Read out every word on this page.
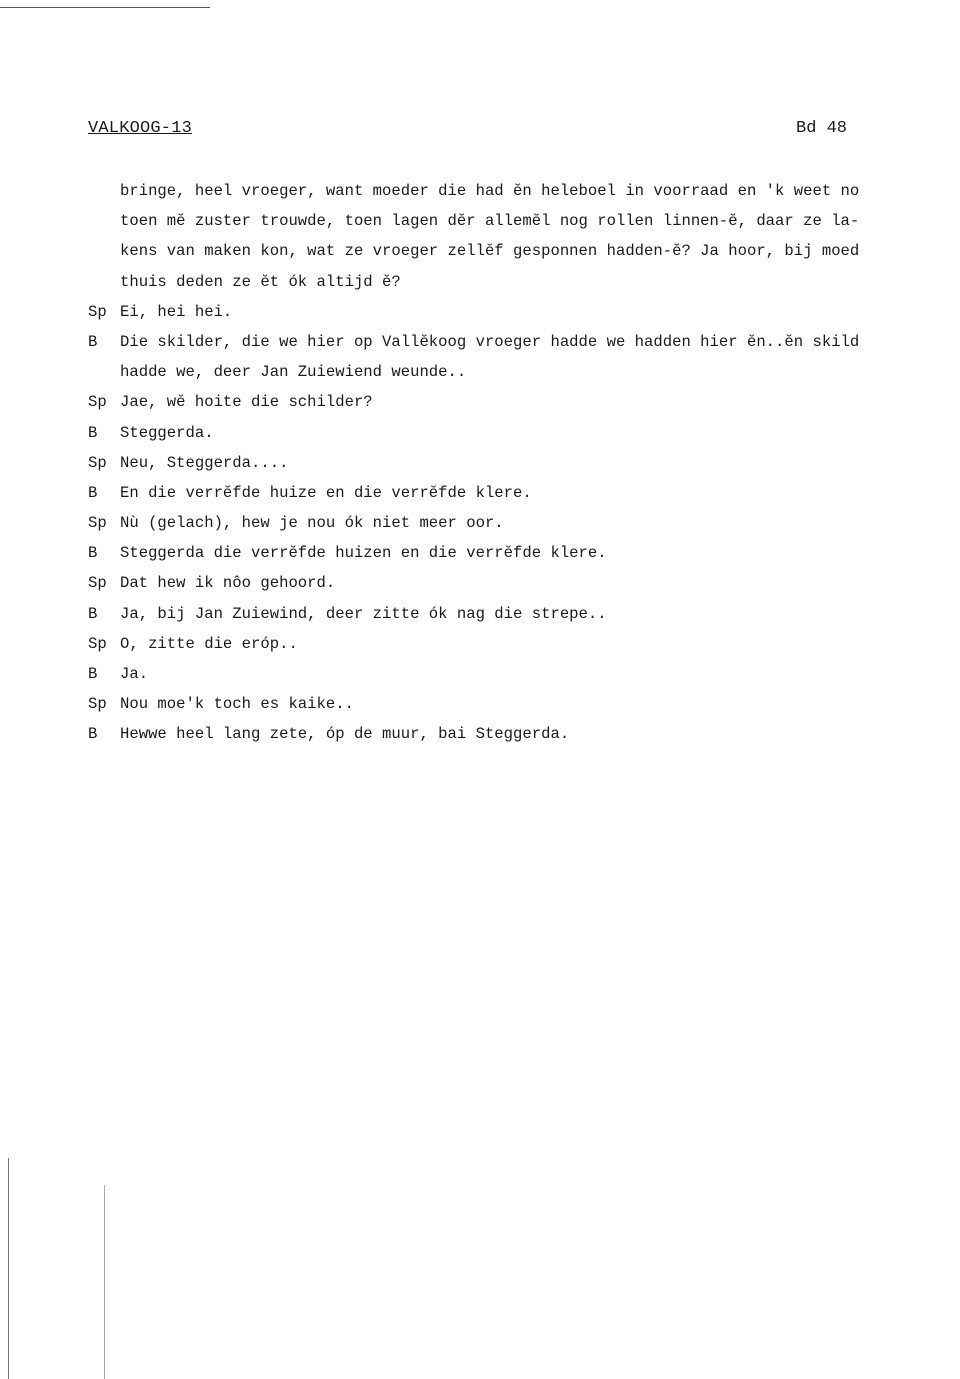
VALKOOG-13	Bd 48
bringe, heel vroeger, want moeder die had ĕn heleboel in voorraad en 'k weet no
toen mĕ zuster trouwde, toen lagen dĕr allemĕl nog rollen linnen-ĕ, daar ze la-
kens van maken kon, wat ze vroeger zellĕf gesponnen hadden-ĕ? Ja hoor, bij moed
thuis deden ze ĕt ók altijd ĕ?
Sp Ei, hei hei.
B	Die skilder, die we hier op Vallĕkoog vroeger hadde we hadden hier ĕn..ĕn skild
hadde we, deer Jan Zuiewiend weunde..
Sp Jae, wĕ hoite die schilder?
B	Steggerda.
Sp Neu, Steggerda....
B	En die verrĕfde huize en die verrĕfde klere.
Sp Nù (gelach), hew je nou ók niet meer oor.
B	Steggerda die verrĕfde huizen en die verrĕfde klere.
Sp Dat hew ik nôo gehoord.
B	Ja, bij Jan Zuiewind, deer zitte ók nag die strepe..
Sp O, zitte die eróp..
B	Ja.
Sp Nou moe'k toch es kaike..
B	Hewwe heel lang zete, óp de muur, bai Steggerda.
